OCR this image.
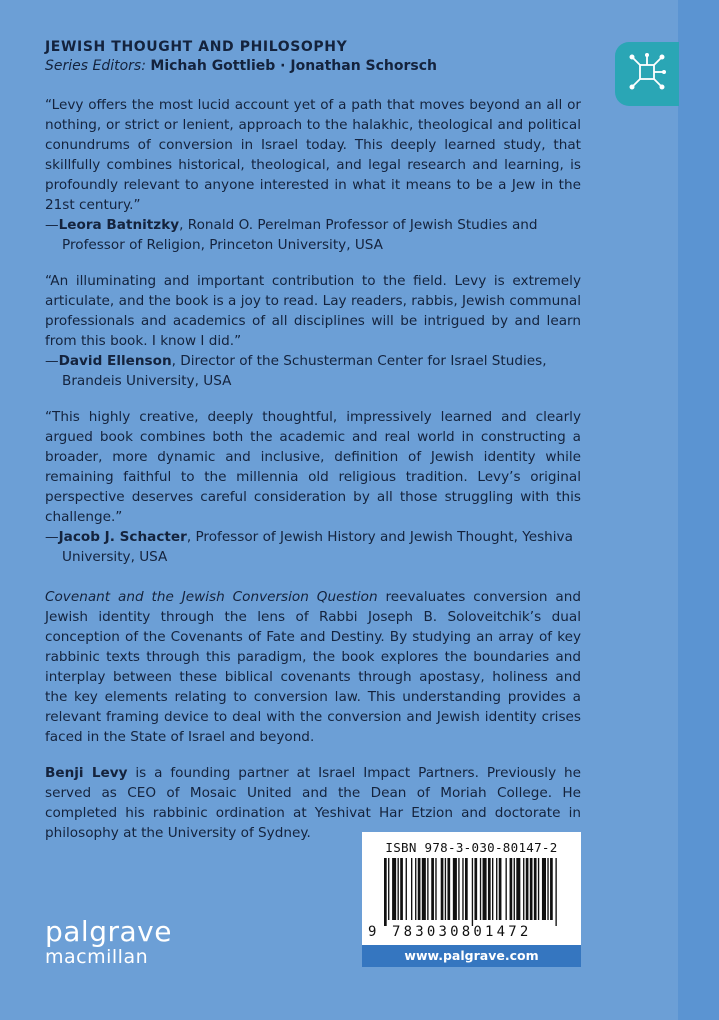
JEWISH THOUGHT AND PHILOSOPHY
Series Editors: Michah Gottlieb · Jonathan Schorsch

“Levy offers the most lucid account yet of a path that moves beyond an all or nothing, or strict or lenient, approach to the halakhic, theological and political conundrums of conversion in Israel today. This deeply learned study, that skillfully combines historical, theological, and legal research and learning, is profoundly relevant to anyone interested in what it means to be a Jew in the 21st century.”

—Leora Batnitzky, Ronald O. Perelman Professor of Jewish Studies and Professor of Religion, Princeton University, USA

“An illuminating and important contribution to the field. Levy is extremely articulate, and the book is a joy to read. Lay readers, rabbis, Jewish communal professionals and academics of all disciplines will be intrigued by and learn from this book. I know I did.”

—David Ellenson, Director of the Schusterman Center for Israel Studies, Brandeis University, USA

“This highly creative, deeply thoughtful, impressively learned and clearly argued book combines both the academic and real world in constructing a broader, more dynamic and inclusive, definition of Jewish identity while remaining faithful to the millennia old religious tradition. Levy’s original perspective deserves careful consideration by all those struggling with this challenge.”

—Jacob J. Schacter, Professor of Jewish History and Jewish Thought, Yeshiva University, USA

Covenant and the Jewish Conversion Question reevaluates conversion and Jewish identity through the lens of Rabbi Joseph B. Soloveitchik’s dual conception of the Covenants of Fate and Destiny. By studying an array of key rabbinic texts through this paradigm, the book explores the boundaries and interplay between these biblical covenants through apostasy, holiness and the key elements relating to conversion law. This understanding provides a relevant framing device to deal with the conversion and Jewish identity crises faced in the State of Israel and beyond.

Benji Levy is a founding partner at Israel Impact Partners. Previously he served as CEO of Mosaic United and the Dean of Moriah College. He completed his rabbinic ordination at Yeshivat Har Etzion and doctorate in philosophy at the University of Sydney.

palgrave
macmillan
ISBN 978-3-030-80147-2
9 783030801472
www.palgrave.com
